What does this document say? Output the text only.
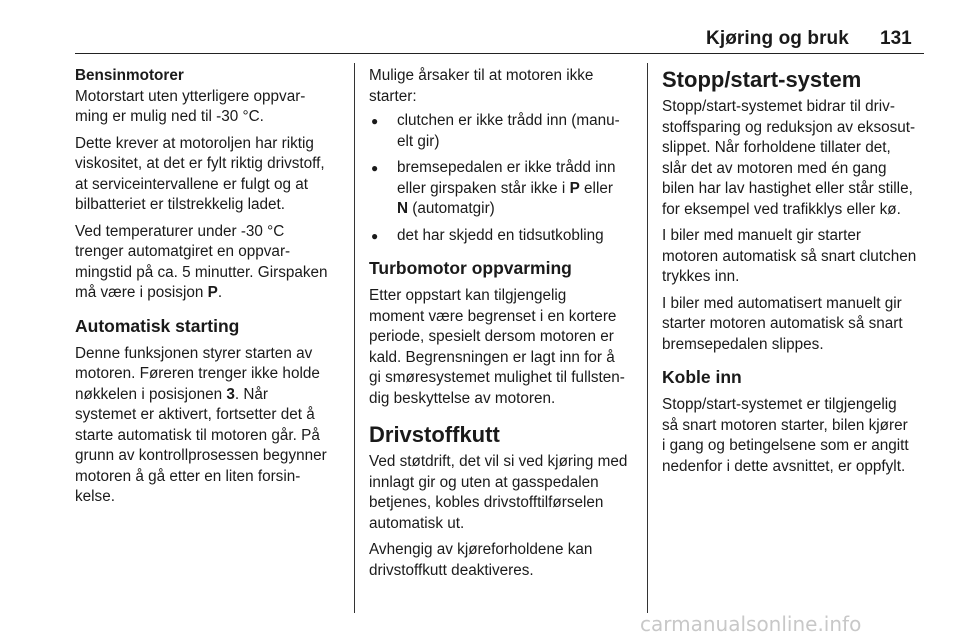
Kjøring og bruk 131
Bensinmotorer

Motorstart uten ytterligere oppvar-
ming er mulig ned til -30 °C.

Dette krever at motoroljen har riktig
viskositet, at det er fylt riktig drivstoff,
at serviceintervallene er fulgt og at
bilbatteriet er tilstrekkelig ladet.

Ved temperaturer under -30 °C
trenger automatgiret en oppvar-
mingstid på ca. 5 minutter. Girspaken
må være i posisjon P.

Automatisk starting

Denne funksjonen styrer starten av
motoren. Føreren trenger ikke holde
nøkkelen i posisjonen 3. Når
systemet er aktivert, fortsetter det å
starte automatisk til motoren går. På
grunn av kontrollprosessen begynner
motoren å gå etter en liten forsin-
kelse.

Mulige årsaker til at motoren ikke
starter:

● clutchen er ikke trådd inn (manu-
elt gir)
● bremsepedalen er ikke trådd inn
eller girspaken står ikke i P eller
N (automatgir)
● det har skjedd en tidsutkobling
Turbomotor oppvarming

Etter oppstart kan tilgjengelig
moment være begrenset i en kortere
periode, spesielt dersom motoren er
kald. Begrensningen er lagt inn for å
gi smøresystemet mulighet til fullsten-
dig beskyttelse av motoren.

Drivstoffkutt

Ved støtdrift, det vil si ved kjøring med
innlagt gir og uten at gasspedalen
betjenes, kobles drivstofftilførselen
automatisk ut.

Avhengig av kjøreforholdene kan
drivstoffkutt deaktiveres.

Stopp/start-system

Stopp/start-systemet bidrar til driv-
stoffsparing og reduksjon av eksosut-
slippet. Når forholdene tillater det,
slår det av motoren med én gang
bilen har lav hastighet eller står stille,
for eksempel ved trafikklys eller kø.

I biler med manuelt gir starter
motoren automatisk så snart clutchen
trykkes inn.

I biler med automatisert manuelt gir
starter motoren automatisk så snart
bremsepedalen slippes.

Koble inn

Stopp/start-systemet er tilgjengelig
så snart motoren starter, bilen kjører
i gang og betingelsene som er angitt
nedenfor i dette avsnittet, er oppfylt.

carmanualsonline.info
